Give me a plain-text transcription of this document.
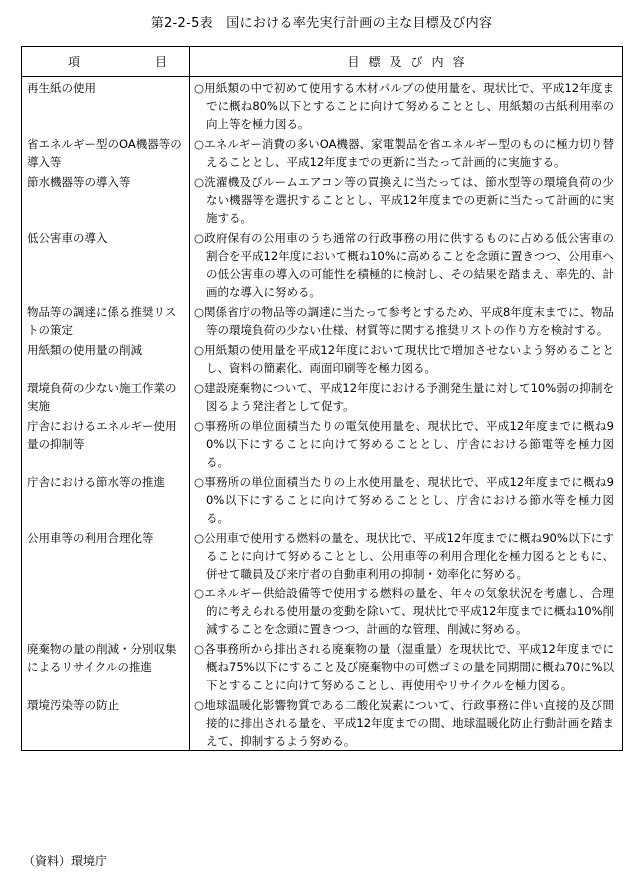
第2-2-5表　国における率先実行計画の主な目標及び内容
項 目	目標及び内容

再生紙の使用	○用紙類の中で初めて使用する木材パルプの使用量を、現状比で、平成12年度までに概ね80%以下とすることに向けて努めることとし、用紙類の古紙利用率の向上等を極力図る。

省エネルギー型のOA機器等の導入等	○エネルギー消費の多いOA機器、家電製品を省エネルギー型のものに極力切り替えることとし、平成12年度までの更新に当たって計画的に実施する。

節水機器等の導入等	○洗濯機及びルームエアコン等の買換えに当たっては、節水型等の環境負荷の少ない機器等を選択することとし、平成12年度までの更新に当たって計画的に実施する。

低公害車の導入	○政府保有の公用車のうち通常の行政事務の用に供するものに占める低公害車の割合を平成12年度において概ね10%に高めることを念頭に置きつつ、公用車への低公害車の導入の可能性を積極的に検討し、その結果を踏まえ、率先的、計画的な導入に努める。

物品等の調達に係る推奨リストの策定	○関係省庁の物品等の調達に当たって参考とするため、平成8年度末までに、物品等の環境負荷の少ない仕様、材質等に関する推奨リストの作り方を検討する。

用紙類の使用量の削減	○用紙類の使用量を平成12年度において現状比で増加させないよう努めることとし、資料の簡素化、両面印刷等を極力図る。

環境負荷の少ない施工作業の実施	○建設廃棄物について、平成12年度における予測発生量に対して10%弱の抑制を図るよう発注者として促す。

庁舎におけるエネルギー使用量の抑制等	○事務所の単位面積当たりの電気使用量を、現状比で、平成12年度までに概ね90%以下にすることに向けて努めることとし、庁舎における節電等を極力図る。

庁舎における節水等の推進	○事務所の単位面積当たりの上水使用量を、現状比で、平成12年度までに概ね90%以下にすることに向けて努めることとし、庁舎における節水等を極力図る。

公用車等の利用合理化等	○公用車で使用する燃料の量を、現状比で、平成12年度までに概ね90%以下にすることに向けて努めることとし、公用車等の利用合理化を極力図るとともに、併せて職員及び来庁者の自動車利用の抑制・効率化に努める。
○エネルギー供給設備等で使用する燃料の量を、年々の気象状況を考慮し、合理的に考えられる使用量の変動を除いて、現状比で平成12年度までに概ね10%削減することを念頭に置きつつ、計画的な管理、削減に努める。

廃棄物の量の削減・分別収集によるリサイクルの推進	○各事務所から排出される廃棄物の量（湿重量）を現状比で、平成12年度までに概ね75%以下にすること及び廃棄物中の可燃ゴミの量を同期間に概ね70に%以下とすることに向けて努めることし、再使用やリサイクルを極力図る。

環境汚染等の防止	○地球温暖化影響物質である二酸化炭素について、行政事務に伴い直接的及び間接的に排出される量を、平成12年度までの間、地球温暖化防止行動計画を踏まえて、抑制するよう努める。
（資料）環境庁
